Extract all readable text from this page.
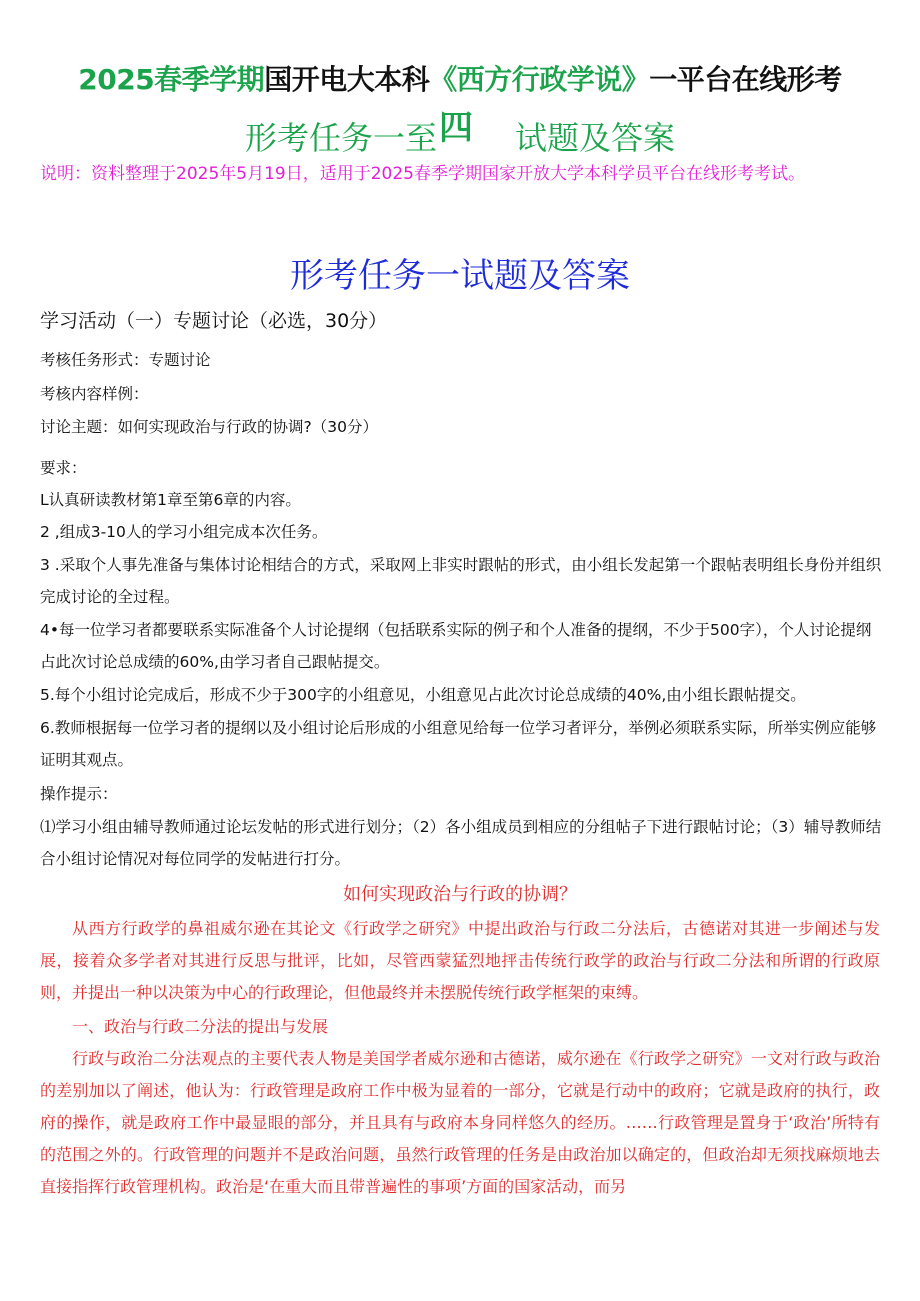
2025春季学期国开电大本科《西方行政学说》一平台在线形考
形考任务一至四 试题及答案
说明：资料整理于2025年5月19日，适用于2025春季学期国家开放大学本科学员平台在线形考考试。
形考任务一试题及答案
学习活动（一）专题讨论（必选，30分）
考核任务形式：专题讨论
考核内容样例：
讨论主题：如何实现政治与行政的协调?（30分）
要求：
L认真研读教材第1章至第6章的内容。
2 ,组成3-10人的学习小组完成本次任务。
3 .采取个人事先准备与集体讨论相结合的方式，采取网上非实时跟帖的形式，由小组长发起第一个跟帖表明组长身份并组织完成讨论的全过程。
4•每一位学习者都要联系实际准备个人讨论提纲（包括联系实际的例子和个人准备的提纲，不少于500字），个人讨论提纲占此次讨论总成绩的60%,由学习者自己跟帖提交。
5.每个小组讨论完成后，形成不少于300字的小组意见，小组意见占此次讨论总成绩的40%,由小组长跟帖提交。
6.教师根据每一位学习者的提纲以及小组讨论后形成的小组意见给每一位学习者评分，举例必须联系实际，所举实例应能够证明其观点。
操作提示：
⑴学习小组由辅导教师通过论坛发帖的形式进行划分；（2）各小组成员到相应的分组帖子下进行跟帖讨论；（3）辅导教师结合小组讨论情况对每位同学的发帖进行打分。
如何实现政治与行政的协调？
从西方行政学的鼻祖威尔逊在其论文《行政学之研究》中提出政治与行政二分法后，古德诺对其进一步阐述与发展，接着众多学者对其进行反思与批评，比如，尽管西蒙猛烈地抨击传统行政学的政治与行政二分法和所谓的行政原则，并提出一种以决策为中心的行政理论，但他最终并未摆脱传统行政学框架的束缚。
一、政治与行政二分法的提出与发展
行政与政治二分法观点的主要代表人物是美国学者威尔逊和古德诺，威尔逊在《行政学之研究》一文对行政与政治的差别加以了阐述，他认为：行政管理是政府工作中极为显着的一部分，它就是行动中的政府；它就是政府的执行，政府的操作，就是政府工作中最显眼的部分，并且具有与政府本身同样悠久的经历。……行政管理是置身于‘政治’所特有的范围之外的。行政管理的问题并不是政治问题，虽然行政管理的任务是由政治加以确定的，但政治却无须找麻烦地去直接指挥行政管理机构。政治是‘在重大而且带普遍性的事项’方面的国家活动，而另
